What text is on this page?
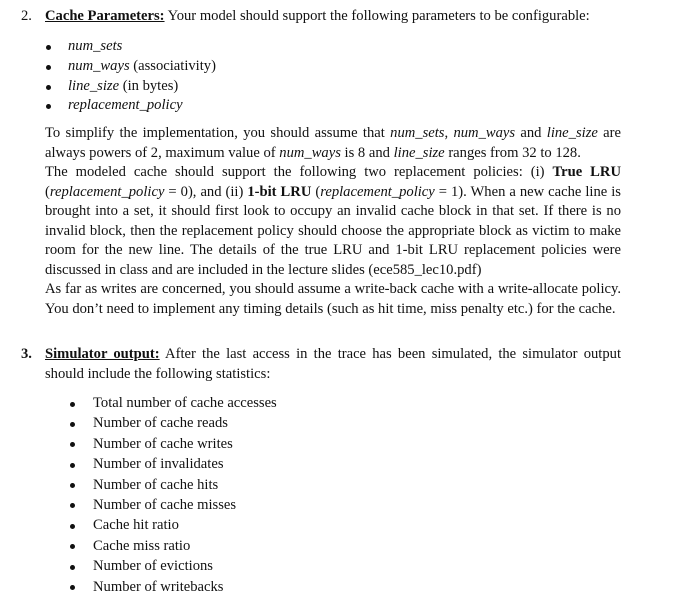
2. Cache Parameters: Your model should support the following parameters to be configurable:
num_sets
num_ways (associativity)
line_size (in bytes)
replacement_policy

To simplify the implementation, you should assume that num_sets, num_ways and line_size are always powers of 2, maximum value of num_ways is 8 and line_size ranges from 32 to 128.

The modeled cache should support the following two replacement policies: (i) True LRU (replacement_policy = 0), and (ii) 1-bit LRU (replacement_policy = 1). When a new cache line is brought into a set, it should first look to occupy an invalid cache block in that set. If there is no invalid block, then the replacement policy should choose the appropriate block as victim to make room for the new line. The details of the true LRU and 1-bit LRU replacement policies were discussed in class and are included in the lecture slides (ece585_lec10.pdf)

As far as writes are concerned, you should assume a write-back cache with a write-allocate policy. You don’t need to implement any timing details (such as hit time, miss penalty etc.) for the cache.

3. Simulator output: After the last access in the trace has been simulated, the simulator output should include the following statistics:
Total number of cache accesses
Number of cache reads
Number of cache writes
Number of invalidates
Number of cache hits
Number of cache misses
Cache hit ratio
Cache miss ratio
Number of evictions
Number of writebacks
